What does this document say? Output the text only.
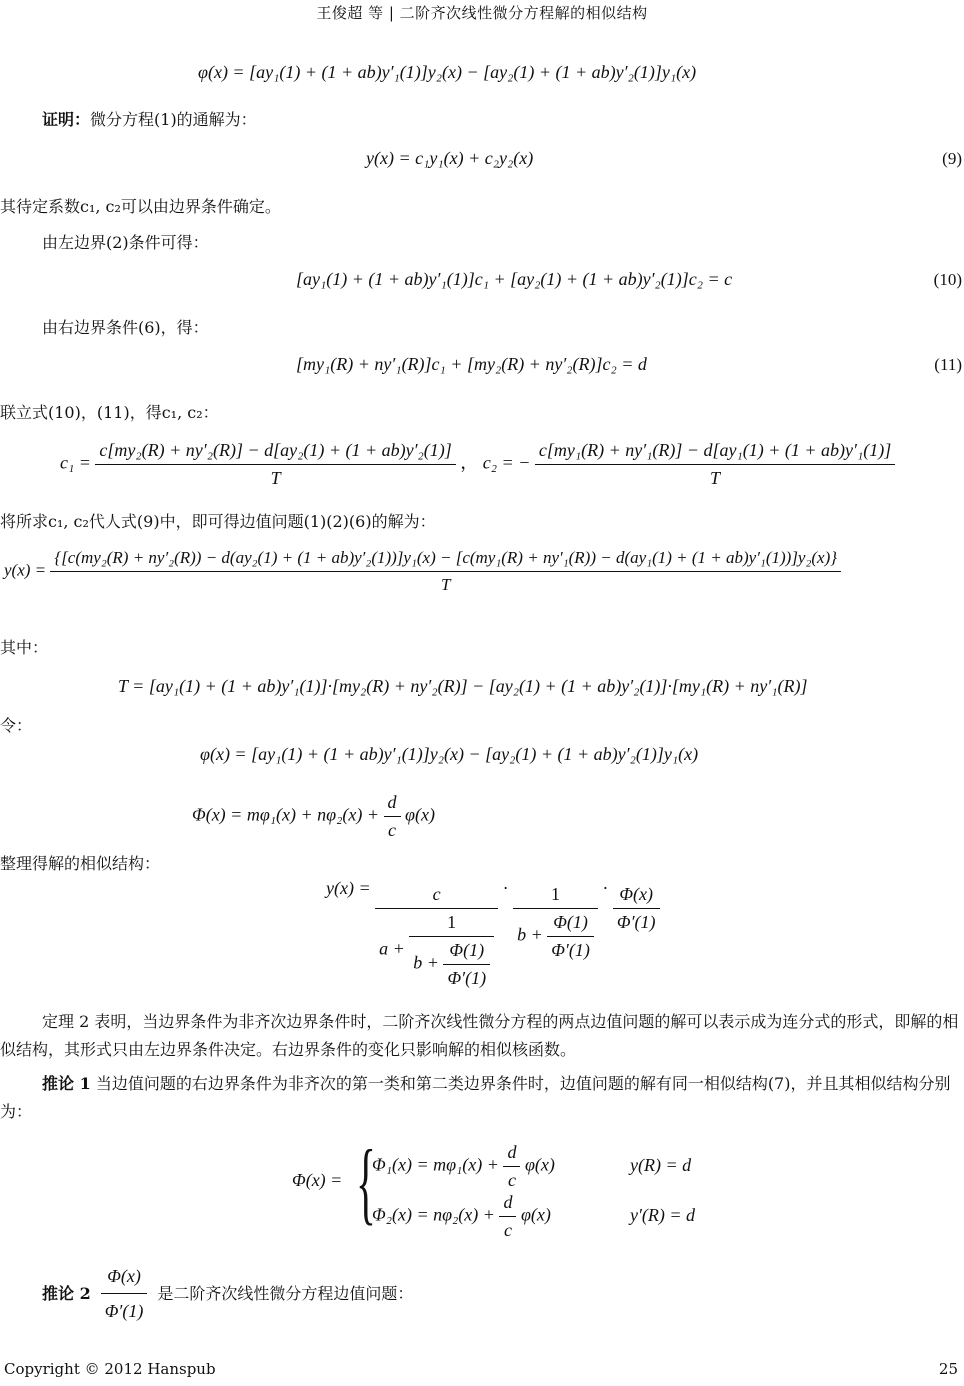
王俊超 等 | 二阶齐次线性微分方程解的相似结构
φ(x) = [ay₁(1) + (1 + ab)y′₁(1)]y₂(x) − [ay₂(1) + (1 + ab)y′₂(1)]y₁(x)
证明：微分方程(1)的通解为：
y(x) = c₁y₁(x) + c₂y₂(x)	(9)
其待定系数c₁, c₂可以由边界条件确定。
由左边界(2)条件可得：
[ay₁(1) + (1 + ab)y′₁(1)]c₁ + [ay₂(1) + (1 + ab)y′₂(1)]c₂ = c	(10)
由右边界条件(6)，得：
[my₁(R) + ny′₁(R)]c₁ + [my₂(R) + ny′₂(R)]c₂ = d	(11)
联立式(10)，(11)，得c₁, c₂：
$c_1 = \frac{\text{c[my₂(R) + ny′₂(R)] − d[ay₂(1) + (1 + ab)y′₂(1)]}}{T}$ ， c₂ = − $\frac{\text{c[my₁(R) + ny′₁(R)] − d[ay₁(1) + (1 + ab)y′₁(1)]}}{T}$
将所求c₁, c₂代人式(9)中，即可得边值问题(1)(2)(6)的解为：
y(x) =
{[c(my₂(R) + ny′₂(R)) − d(ay₂(1) + (1 + ab)y′₂(1))]y₁(x) − [c(my₁(R) + ny′₁(R)) − d(ay₁(1) + (1 + ab)y′₁(1))]y₂(x)}
T
其中：
T = [ay₁(1) + (1 + ab)y′₁(1)]·[my₂(R) + ny′₂(R)] − [ay₂(1) + (1 + ab)y′₂(1)]·[my₁(R) + ny′₁(R)]
令：
φ(x) = [ay₁(1) + (1 + ab)y′₁(1)]y₂(x) − [ay₂(1) + (1 + ab)y′₂(1)]y₁(x)
$\Phi(x) = m\varphi_1(x) + n\varphi_2(x) + \frac{d}{c} \varphi(x)$
整理得解的相似结构：
y(x) =	c
$a + \frac{1}{b + \frac{\Phi(1)}{\Phi'(1)}}$
· $\frac{1}{b + \frac{\Phi(1)}{\Phi'(1)}} \cdot \frac{\Phi(x)}{\Phi'(1)}$
定理 2 表明，当边界条件为非齐次边界条件时，二阶齐次线性微分方程的两点边值问题的解可以表示成为连分式的形式，即解的相似结构，其形式只由左边界条件决定。右边界条件的变化只影响解的相似核函数。
推论 1 当边值问题的右边界条件为非齐次的第一类和第二类边界条件时，边值问题的解有同一相似结构(7)，并且其相似结构分别为：
Φ(x) = {
$\Phi_1(x) = m\varphi_1(x) + \frac{d}{c} \varphi(x)$	y(R) = d
$\Phi_2(x) = n\varphi_2(x) + \frac{d}{c} \varphi(x)$	y′(R) = d
推论 $2 \frac{\Phi(x)}{\Phi'(1)}$ 是二阶齐次线性微分方程边值问题：
Copyright © 2012 Hanspub	25
